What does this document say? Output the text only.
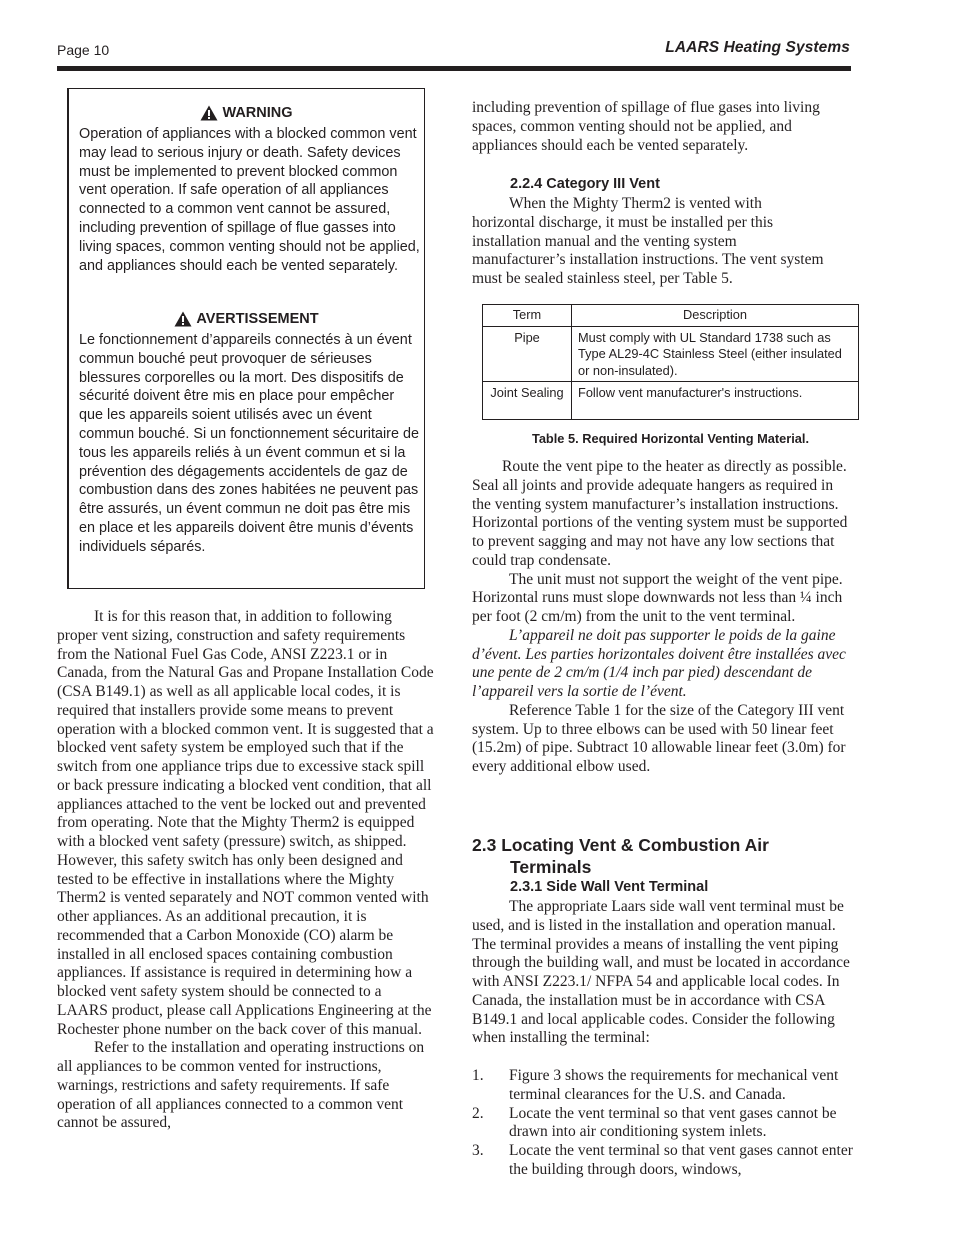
Page 10	LAARS Heating Systems
WARNING

Operation of appliances with a blocked common vent may lead to serious injury or death. Safety devices must be implemented to prevent blocked common vent operation. If safe operation of all appliances connected to a common vent cannot be assured, including prevention of spillage of flue gasses into living spaces, common venting should not be applied, and appliances should each be vented separately.

AVERTISSEMENT

Le fonctionnement d’appareils connectés à un évent commun bouché peut provoquer de sérieuses blessures corporelles ou la mort. Des dispositifs de sécurité doivent être mis en place pour empêcher que les appareils soient utilisés avec un évent commun bouché. Si un fonctionnement sécuritaire de tous les appareils reliés à un évent commun et si la prévention des dégagements accidentels de gaz de combustion dans des zones habitées ne peuvent pas être assurés, un évent commun ne doit pas être mis en place et les appareils doivent être munis d’évents individuels séparés.

It is for this reason that, in addition to following proper vent sizing, construction and safety requirements from the National Fuel Gas Code, ANSI Z223.1 or in Canada, from the Natural Gas and Propane Installation Code (CSA B149.1) as well as all applicable local codes, it is required that installers provide some means to prevent operation with a blocked common vent. It is suggested that a blocked vent safety system be employed such that if the switch from one appliance trips due to excessive stack spill or back pressure indicating a blocked vent condition, that all appliances attached to the vent be locked out and prevented from operating. Note that the Mighty Therm2 is equipped with a blocked vent safety (pressure) switch, as shipped. However, this safety switch has only been designed and tested to be effective in installations where the Mighty Therm2 is vented separately and NOT common vented with other appliances. As an additional precaution, it is recommended that a Carbon Monoxide (CO) alarm be installed in all enclosed spaces containing combustion appliances. If assistance is required in determining how a blocked vent safety system should be connected to a LAARS product, please call Applications Engineering at the Rochester phone number on the back cover of this manual.

Refer to the installation and operating instructions on all appliances to be common vented for instructions, warnings, restrictions and safety requirements. If safe operation of all appliances connected to a common vent cannot be assured,

including prevention of spillage of flue gases into living spaces, common venting should not be applied, and appliances should each be vented separately.
2.2.4 Category III Vent
When the Mighty Therm2 is vented with horizontal discharge, it must be installed per this installation manual and the venting system manufacturer’s installation instructions. The vent system must be sealed stainless steel, per Table 5.
Term	Description
Pipe	Must comply with UL Standard 1738 such as Type AL29-4C Stainless Steel (either insulated or non-insulated).
Joint Sealing	Follow vent manufacturer's instructions.
Table 5. Required Horizontal Venting Material.

Route the vent pipe to the heater as directly as possible. Seal all joints and provide adequate hangers as required in the venting system manufacturer’s installation instructions. Horizontal portions of the venting system must be supported to prevent sagging and may not have any low sections that could trap condensate.

The unit must not support the weight of the vent pipe. Horizontal runs must slope downwards not less than ¼ inch per foot (2 cm/m) from the unit to the vent terminal.

L’appareil ne doit pas supporter le poids de la gaine d’évent. Les parties horizontales doivent être installées avec une pente de 2 cm/m (1/4 inch par pied) descendant de l’appareil vers la sortie de l’évent.

Reference Table 1 for the size of the Category III vent system. Up to three elbows can be used with 50 linear feet (15.2m) of pipe. Subtract 10 allowable linear feet (3.0m) for every additional elbow used.

2.3 Locating Vent & Combustion Air Terminals
2.3.1 Side Wall Vent Terminal
The appropriate Laars side wall vent terminal must be used, and is listed in the installation and operation manual. The terminal provides a means of installing the vent piping through the building wall, and must be located in accordance with ANSI Z223.1/ NFPA 54 and applicable local codes. In Canada, the installation must be in accordance with CSA B149.1 and local applicable codes. Consider the following when installing the terminal:
1. Figure 3 shows the requirements for mechanical vent terminal clearances for the U.S. and Canada.
2. Locate the vent terminal so that vent gases cannot be drawn into air conditioning system inlets.
3. Locate the vent terminal so that vent gases cannot enter the building through doors, windows,
